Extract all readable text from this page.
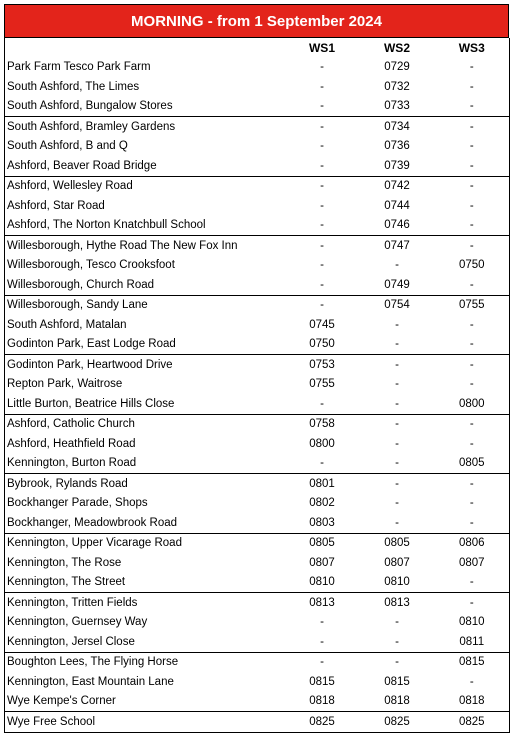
MORNING - from 1 September 2024
	WS1	WS2	WS3
Park Farm Tesco Park Farm	-	0729	-
South Ashford, The Limes	-	0732	-
South Ashford, Bungalow Stores	-	0733	-
South Ashford, Bramley Gardens	-	0734	-
South Ashford, B and Q	-	0736	-
Ashford, Beaver Road Bridge	-	0739	-
Ashford, Wellesley Road	-	0742	-
Ashford, Star Road	-	0744	-
Ashford, The Norton Knatchbull School	-	0746	-
Willesborough, Hythe Road The New Fox Inn	-	0747	-
Willesborough, Tesco Crooksfoot	-	-	0750
Willesborough, Church Road	-	0749	-
Willesborough, Sandy Lane	-	0754	0755
South Ashford, Matalan	0745	-	-
Godinton Park, East Lodge Road	0750	-	-
Godinton Park, Heartwood Drive	0753	-	-
Repton Park, Waitrose	0755	-	-
Little Burton, Beatrice Hills Close	-	-	0800
Ashford, Catholic Church	0758	-	-
Ashford, Heathfield Road	0800	-	-
Kennington, Burton Road	-	-	0805
Bybrook, Rylands Road	0801	-	-
Bockhanger Parade, Shops	0802	-	-
Bockhanger, Meadowbrook Road	0803	-	-
Kennington, Upper Vicarage Road	0805	0805	0806
Kennington, The Rose	0807	0807	0807
Kennington, The Street	0810	0810	-
Kennington, Tritten Fields	0813	0813	-
Kennington, Guernsey Way	-	-	0810
Kennington, Jersel Close	-	-	0811
Boughton Lees, The Flying Horse	-	-	0815
Kennington, East Mountain Lane	0815	0815	-
Wye Kempe's Corner	0818	0818	0818
Wye Free School	0825	0825	0825
